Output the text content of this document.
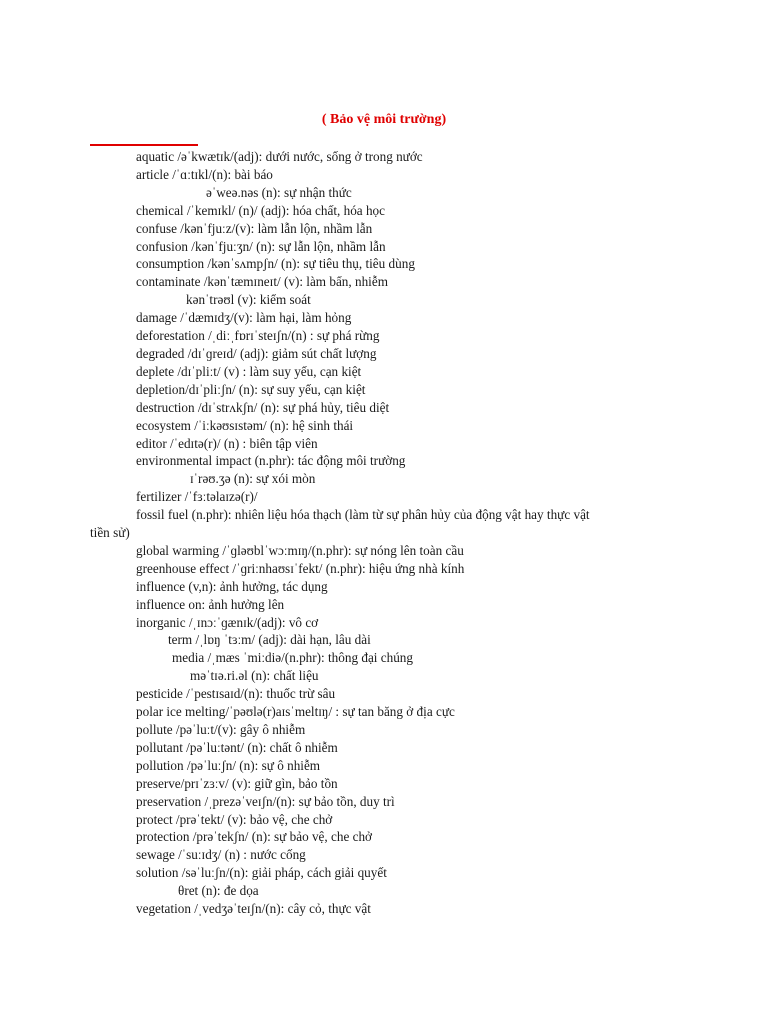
( Bảo vệ môi trường)
aquatic /əˈkwætɪk/(adj): dưới nước, sống ở trong nước
article /ˈɑːtɪkl/(n): bài báo
əˈweə.nəs (n): sự nhận thức
chemical /ˈkemɪkl/ (n)/ (adj): hóa chất, hóa học
confuse /kənˈfjuːz/(v): làm lẫn lộn, nhầm lẫn
confusion /kənˈfjuːʒn/ (n): sự lẫn lộn, nhầm lẫn
consumption /kənˈsʌmpʃn/ (n): sự tiêu thụ, tiêu dùng
contaminate /kənˈtæmɪneɪt/ (v): làm bẩn, nhiễm
kənˈtrəʊl (v): kiểm soát
damage /ˈdæmɪdʒ/(v): làm hại, làm hỏng
deforestation /ˌdiːˌfɒrɪˈsteɪʃn/(n) : sự phá rừng
degraded /dɪˈɡreɪd/ (adj): giảm sút chất lượng
deplete /dɪˈpliːt/ (v) : làm suy yếu, cạn kiệt
depletion/dɪˈpliːʃn/ (n): sự suy yếu, cạn kiệt
destruction /dɪˈstrʌkʃn/ (n): sự phá hủy, tiêu diệt
ecosystem /ˈiːkəʊsɪstəm/ (n): hệ sinh thái
editor /ˈedɪtə(r)/ (n) : biên tập viên
environmental impact (n.phr): tác động môi trường
ɪˈrəʊ.ʒə (n): sự xói mòn
fertilizer /ˈfɜːtəlaɪzə(r)/
fossil fuel (n.phr): nhiên liệu hóa thạch (làm từ sự phân hủy của động vật hay thực vật
tiền sử)
global warming /ˈɡləʊblˈwɔːmɪŋ/(n.phr): sự nóng lên toàn cầu
greenhouse effect /ˈɡriːnhaʊsɪˈfekt/ (n.phr): hiệu ứng nhà kính
influence (v,n): ảnh hưởng, tác dụng
influence on: ảnh hưởng lên
inorganic /ˌɪnɔːˈɡænɪk/(adj): vô cơ
term /ˌlɒŋ ˈtɜːm/ (adj): dài hạn, lâu dài
media /ˌmæs ˈmiːdiə/(n.phr): thông đại chúng
məˈtɪə.ri.əl (n): chất liệu
pesticide /ˈpestɪsaɪd/(n): thuốc trừ sâu
polar ice melting/ˈpəʊlə(r)aɪsˈmeltɪŋ/ : sự tan băng ở địa cực
pollute /pəˈluːt/(v): gây ô nhiễm
pollutant /pəˈluːtənt/ (n): chất ô nhiễm
pollution /pəˈluːʃn/ (n): sự ô nhiễm
preserve/prɪˈzɜːv/ (v): giữ gìn, bảo tồn
preservation /ˌprezəˈveɪʃn/(n): sự bảo tồn, duy trì
protect /prəˈtekt/ (v): bảo vệ, che chở
protection /prəˈtekʃn/ (n): sự bảo vệ, che chở
sewage /ˈsuːɪdʒ/ (n) : nước cống
solution /səˈluːʃn/(n): giải pháp, cách giải quyết
θret (n): đe dọa
vegetation /ˌvedʒəˈteɪʃn/(n): cây cỏ, thực vật
